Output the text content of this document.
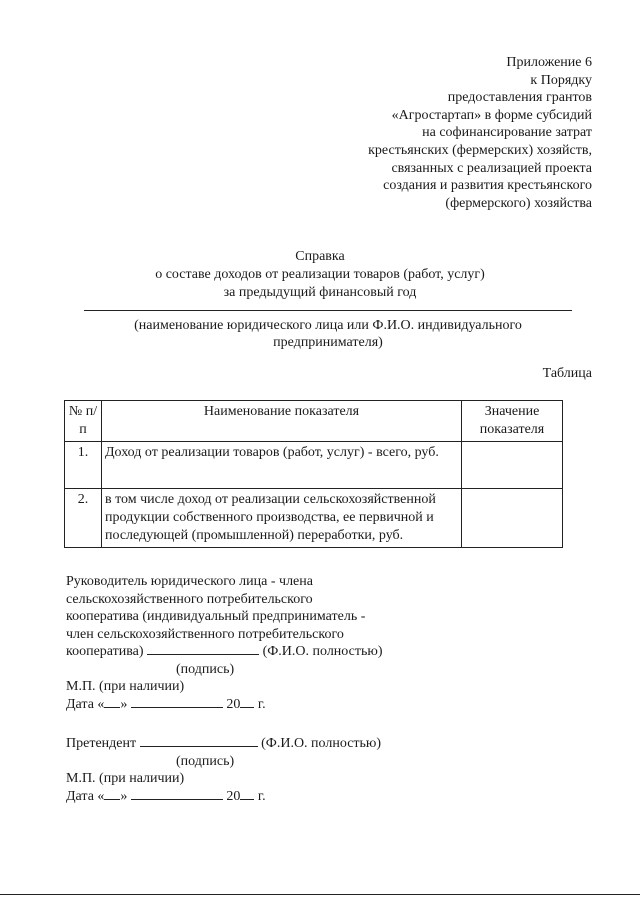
Приложение 6
к Порядку
предоставления грантов
«Агростартап» в форме субсидий
на софинансирование затрат
крестьянских (фермерских) хозяйств,
связанных с реализацией проекта
создания и развития крестьянского
(фермерского) хозяйства
Справка
о составе доходов от реализации товаров (работ, услуг)
за предыдущий финансовый год
(наименование юридического лица или Ф.И.О. индивидуального
предпринимателя)
Таблица
№ п/п	Наименование показателя	Значение показателя
1.	Доход от реализации товаров (работ, услуг) - всего, руб.	
2.	в том числе доход от реализации сельскохозяйственной продукции собственного производства, ее первичной и последующей (промышленной) переработки, руб.	
Руководитель юридического лица - члена
сельскохозяйственного потребительского
кооператива (индивидуальный предприниматель -
член сельскохозяйственного потребительского
кооператива)	(Ф.И.О. полностью)
(подпись)
М.П. (при наличии)
Дата « »	20 г.
Претендент	(Ф.И.О. полностью)
(подпись)
М.П. (при наличии)
Дата « »	20 г.
